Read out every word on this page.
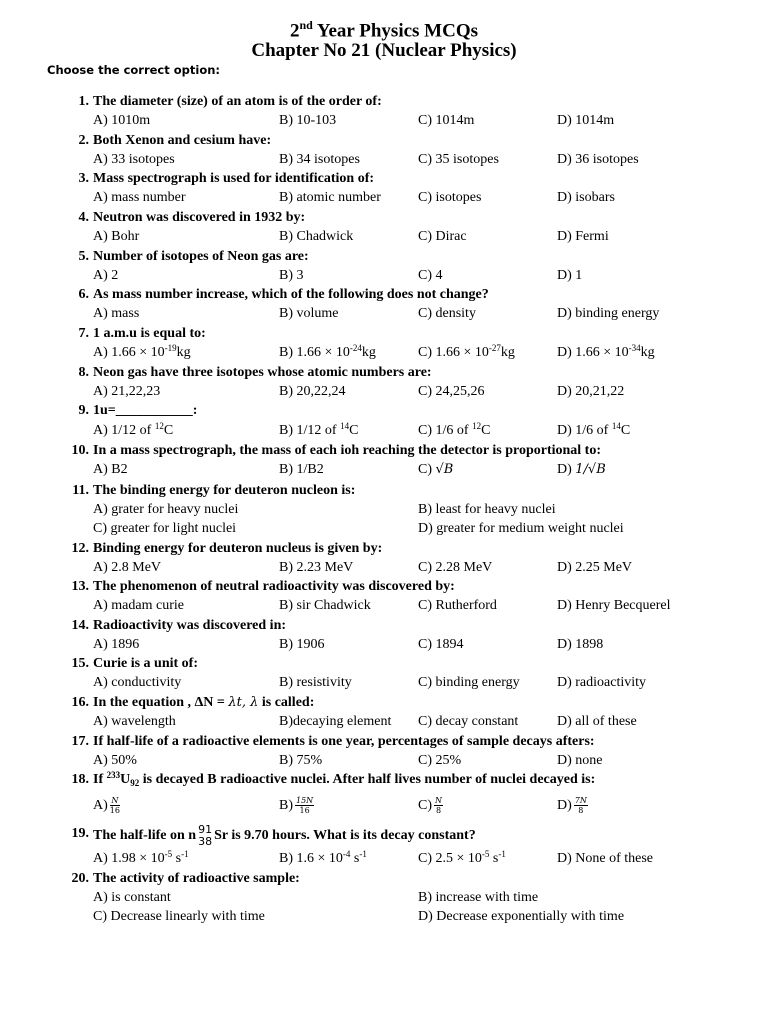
2nd Year Physics MCQs
Chapter No 21 (Nuclear Physics)
Choose the correct option:
1. The diameter (size) of an atom is of the order of:
A) 1010m	B) 10-103	C) 1014m	D) 1014m
2. Both Xenon and cesium have:
A) 33 isotopes	B) 34 isotopes	C) 35 isotopes	D) 36 isotopes
3. Mass spectrograph is used for identification of:
A) mass number	B) atomic number	C) isotopes	D) isobars
4. Neutron was discovered in 1932 by:
A) Bohr	B) Chadwick	C) Dirac	D) Fermi
5. Number of isotopes of Neon gas are:
A) 2	B) 3	C) 4	D) 1
6. As mass number increase, which of the following does not change?
A) mass	B) volume	C) density	D) binding energy
7. 1 a.m.u is equal to:
A) $1.66 \times 10^{-19}kg$	B) $1.66 \times 10^{-24}kg$	C) $1.66 \times 10^{-27}kg$	D) $1.66 \times 10^{-34}kg$
8. Neon gas have three isotopes whose atomic numbers are:
A) 21,22,23	B) 20,22,24	C) 24,25,26	D) 20,21,22
9. 1u=___________:
A) 1/12 of $^{12}$C	B) 1/12 of $^{14}$C	C) 1/6 of $^{12}$C	D) 1/6 of $^{14}$C
10. In a mass spectrograph, the mass of each ioh reaching the detector is proportional to:
A) B2	B) 1/B2	C) √B	D) 1/√B
11. The binding energy for deuteron nucleon is:
A) grater for heavy nuclei	B) least for heavy nuclei
C) greater for light nuclei	D) greater for medium weight nuclei
12. Binding energy for deuteron nucleus is given by:
A) 2.8 MeV	B) 2.23 MeV	C) 2.28 MeV	D) 2.25 MeV
13. The phenomenon of neutral radioactivity was discovered by:
A) madam curie	B) sir Chadwick	C) Rutherford	D) Henry Becquerel
14. Radioactivity was discovered in:
A) 1896	B) 1906	C) 1894	D) 1898
15. Curie is a unit of:
A) conductivity	B) resistivity	C) binding energy	D) radioactivity
16. In the equation , ΔN = λt, λ is called:
A) wavelength	B)decaying element C) decay constant	D) all of these
17. If half-life of a radioactive elements is one year, percentages of sample decays afters:
A) 50%	B) 75%	C) 25%	D) none
18. If $^{233}U_{92}$ is decayed B radioactive nuclei. After half lives number of nuclei decayed is:
$A) \frac{N}{16}$	$B) \frac{15N}{16}$	$C) \frac{N}{8}$	$D) \frac{7N}{8}$
19. The half-life on n 91
38 Sr is 9.70 hours. What is its decay constant?
A) $1.98 \times 10^{-5}$ $s^{-1}$	B) $1.6 \times 10^{-4}$ $s^{-1}$	C) $2.5 \times 10^{-5}$ $s^{-1}$	D) None of these
20. The activity of radioactive sample:
A) is constant	B) increase with time
C) Decrease linearly with time	D) Decrease exponentially with time
